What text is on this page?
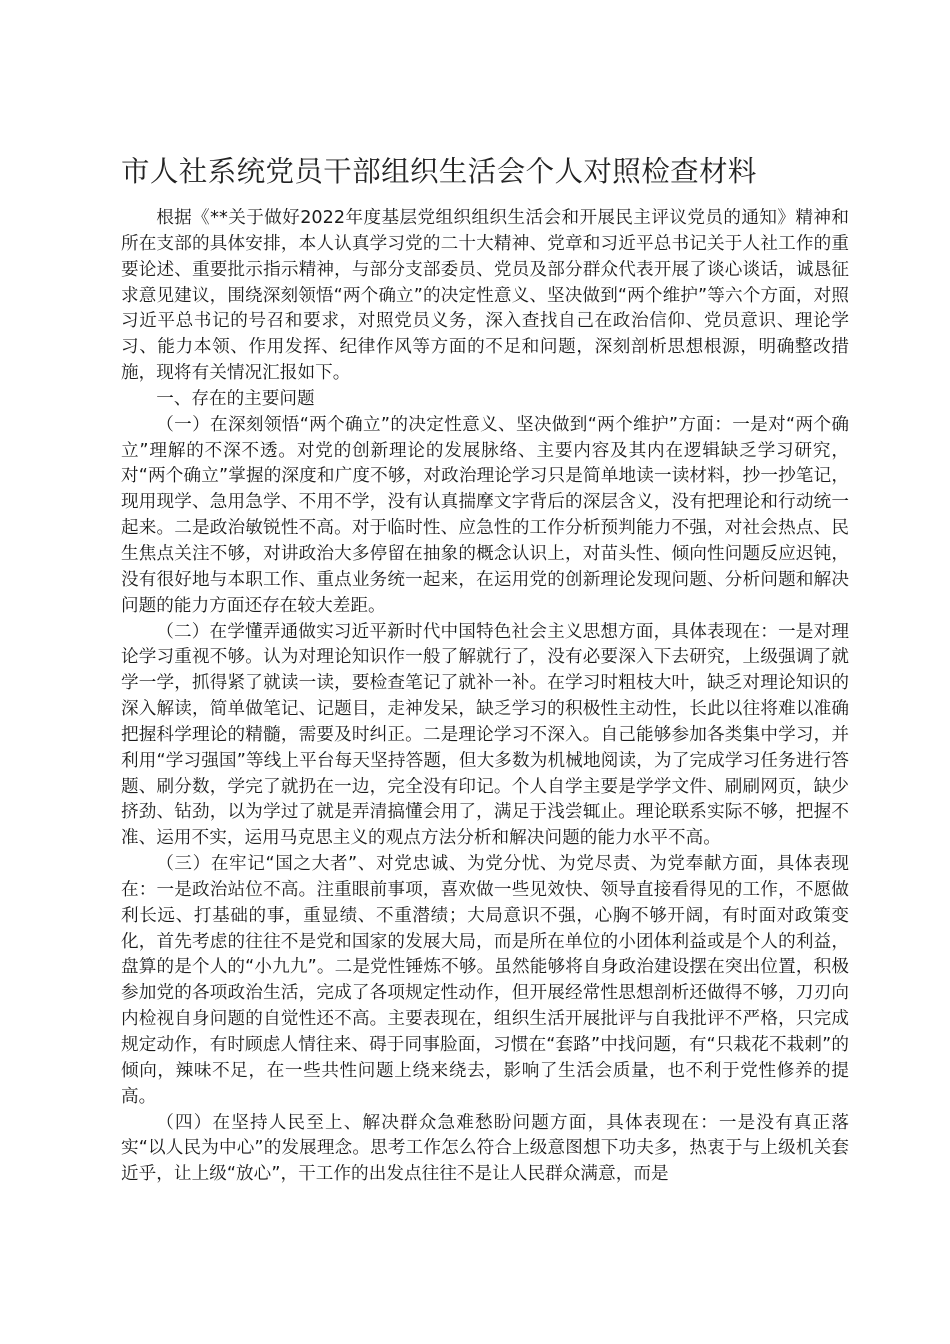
市人社系统党员干部组织生活会个人对照检查材料

根据《**关于做好2022年度基层党组织组织生活会和开展民主评议党员的通知》精神和所在支部的具体安排，本人认真学习党的二十大精神、党章和习近平总书记关于人社工作的重要论述、重要批示指示精神，与部分支部委员、党员及部分群众代表开展了谈心谈话，诚恳征求意见建议，围绕深刻领悟“两个确立”的决定性意义、坚决做到“两个维护”等六个方面，对照习近平总书记的号召和要求，对照党员义务，深入查找自己在政治信仰、党员意识、理论学习、能力本领、作用发挥、纪律作风等方面的不足和问题，深刻剖析思想根源，明确整改措施，现将有关情况汇报如下。

一、存在的主要问题

（一）在深刻领悟“两个确立”的决定性意义、坚决做到“两个维护”方面：一是对“两个确立”理解的不深不透。对党的创新理论的发展脉络、主要内容及其内在逻辑缺乏学习研究，对“两个确立”掌握的深度和广度不够，对政治理论学习只是简单地读一读材料，抄一抄笔记，现用现学、急用急学、不用不学，没有认真揣摩文字背后的深层含义，没有把理论和行动统一起来。二是政治敏锐性不高。对于临时性、应急性的工作分析预判能力不强，对社会热点、民生焦点关注不够，对讲政治大多停留在抽象的概念认识上，对苗头性、倾向性问题反应迟钝，没有很好地与本职工作、重点业务统一起来，在运用党的创新理论发现问题、分析问题和解决问题的能力方面还存在较大差距。

（二）在学懂弄通做实习近平新时代中国特色社会主义思想方面，具体表现在：一是对理论学习重视不够。认为对理论知识作一般了解就行了，没有必要深入下去研究，上级强调了就学一学，抓得紧了就读一读，要检查笔记了就补一补。在学习时粗枝大叶，缺乏对理论知识的深入解读，简单做笔记、记题目，走神发呆，缺乏学习的积极性主动性，长此以往将难以准确把握科学理论的精髓，需要及时纠正。二是理论学习不深入。自己能够参加各类集中学习，并利用“学习强国”等线上平台每天坚持答题，但大多数为机械地阅读，为了完成学习任务进行答题、刷分数，学完了就扔在一边，完全没有印记。个人自学主要是学学文件、刷刷网页，缺少挤劲、钻劲，以为学过了就是弄清搞懂会用了，满足于浅尝辄止。理论联系实际不够，把握不准、运用不实，运用马克思主义的观点方法分析和解决问题的能力水平不高。

（三）在牢记“国之大者”、对党忠诚、为党分忧、为党尽责、为党奉献方面，具体表现在：一是政治站位不高。注重眼前事项，喜欢做一些见效快、领导直接看得见的工作，不愿做利长远、打基础的事，重显绩、不重潜绩；大局意识不强，心胸不够开阔，有时面对政策变化，首先考虑的往往不是党和国家的发展大局，而是所在单位的小团体利益或是个人的利益，盘算的是个人的“小九九”。二是党性锤炼不够。虽然能够将自身政治建设摆在突出位置，积极参加党的各项政治生活，完成了各项规定性动作，但开展经常性思想剖析还做得不够，刀刃向内检视自身问题的自觉性还不高。主要表现在，组织生活开展批评与自我批评不严格，只完成规定动作，有时顾虑人情往来、碍于同事脸面，习惯在“套路”中找问题，有“只栽花不栽刺”的倾向，辣味不足，在一些共性问题上绕来绕去，影响了生活会质量，也不利于党性修养的提高。

（四）在坚持人民至上、解决群众急难愁盼问题方面，具体表现在：一是没有真正落实“以人民为中心”的发展理念。思考工作怎么符合上级意图想下功夫多，热衷于与上级机关套近乎，让上级“放心”，干工作的出发点往往不是让人民群众满意，而是
